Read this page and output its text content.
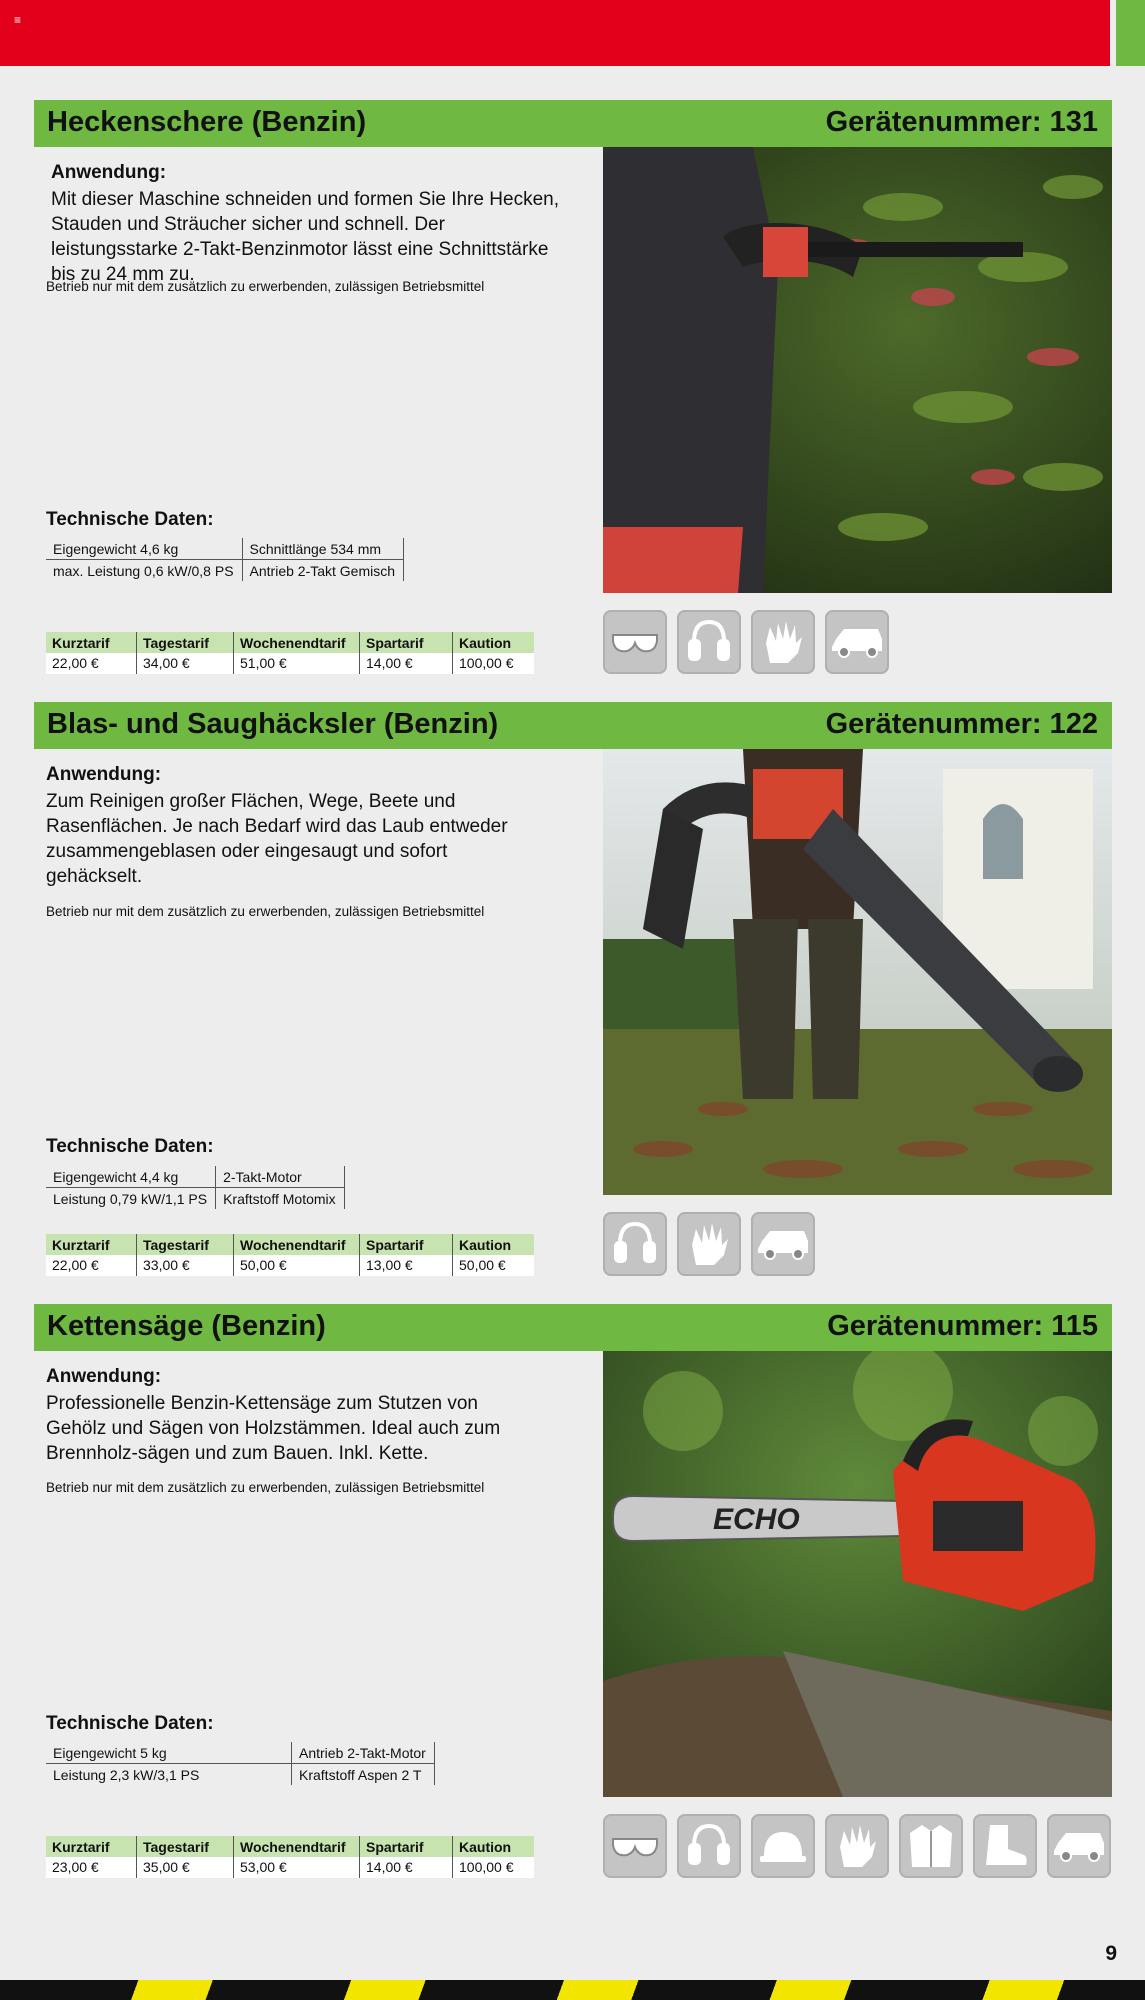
≡
Heckenschere (Benzin)	Gerätenummer: 131
Anwendung:
Mit dieser Maschine schneiden und formen Sie Ihre Hecken, Stauden und Sträucher sicher und schnell. Der leistungsstarke 2-Takt-Benzinmotor lässt eine Schnittstärke bis zu 24 mm zu.
Betrieb nur mit dem zusätzlich zu erwerbenden, zulässigen Betriebsmittel
Technische Daten:
Eigengewicht 4,6 kg	Schnittlänge 534 mm
max. Leistung 0,6 kW/0,8 PS	Antrieb 2-Takt Gemisch
Kurztarif	Tagestarif	Wochenendtarif	Spartarif	Kaution
22,00 €	34,00 €	51,00 €	14,00 €	100,00 €
Blas- und Saughäcksler (Benzin)	Gerätenummer: 122
Anwendung:
Zum Reinigen großer Flächen, Wege, Beete und Rasenflächen. Je nach Bedarf wird das Laub entweder zusammengeblasen oder eingesaugt und sofort gehäckselt.
Betrieb nur mit dem zusätzlich zu erwerbenden, zulässigen Betriebsmittel
Technische Daten:
Eigengewicht 4,4 kg	2-Takt-Motor
Leistung 0,79 kW/1,1 PS	Kraftstoff Motomix
Kurztarif	Tagestarif	Wochenendtarif	Spartarif	Kaution
22,00 €	33,00 €	50,00 €	13,00 €	50,00 €
Kettensäge (Benzin)	Gerätenummer: 115
Anwendung:
Professionelle Benzin-Kettensäge zum Stutzen von Gehölz und Sägen von Holzstämmen. Ideal auch zum Brennholz-sägen und zum Bauen. Inkl. Kette.
Betrieb nur mit dem zusätzlich zu erwerbenden, zulässigen Betriebsmittel
Technische Daten:
Eigengewicht 5 kg	Antrieb 2-Takt-Motor
Leistung 2,3 kW/3,1 PS	Kraftstoff Aspen 2 T
Kurztarif	Tagestarif	Wochenendtarif	Spartarif	Kaution
23,00 €	35,00 €	53,00 €	14,00 €	100,00 €
ECHO
9
